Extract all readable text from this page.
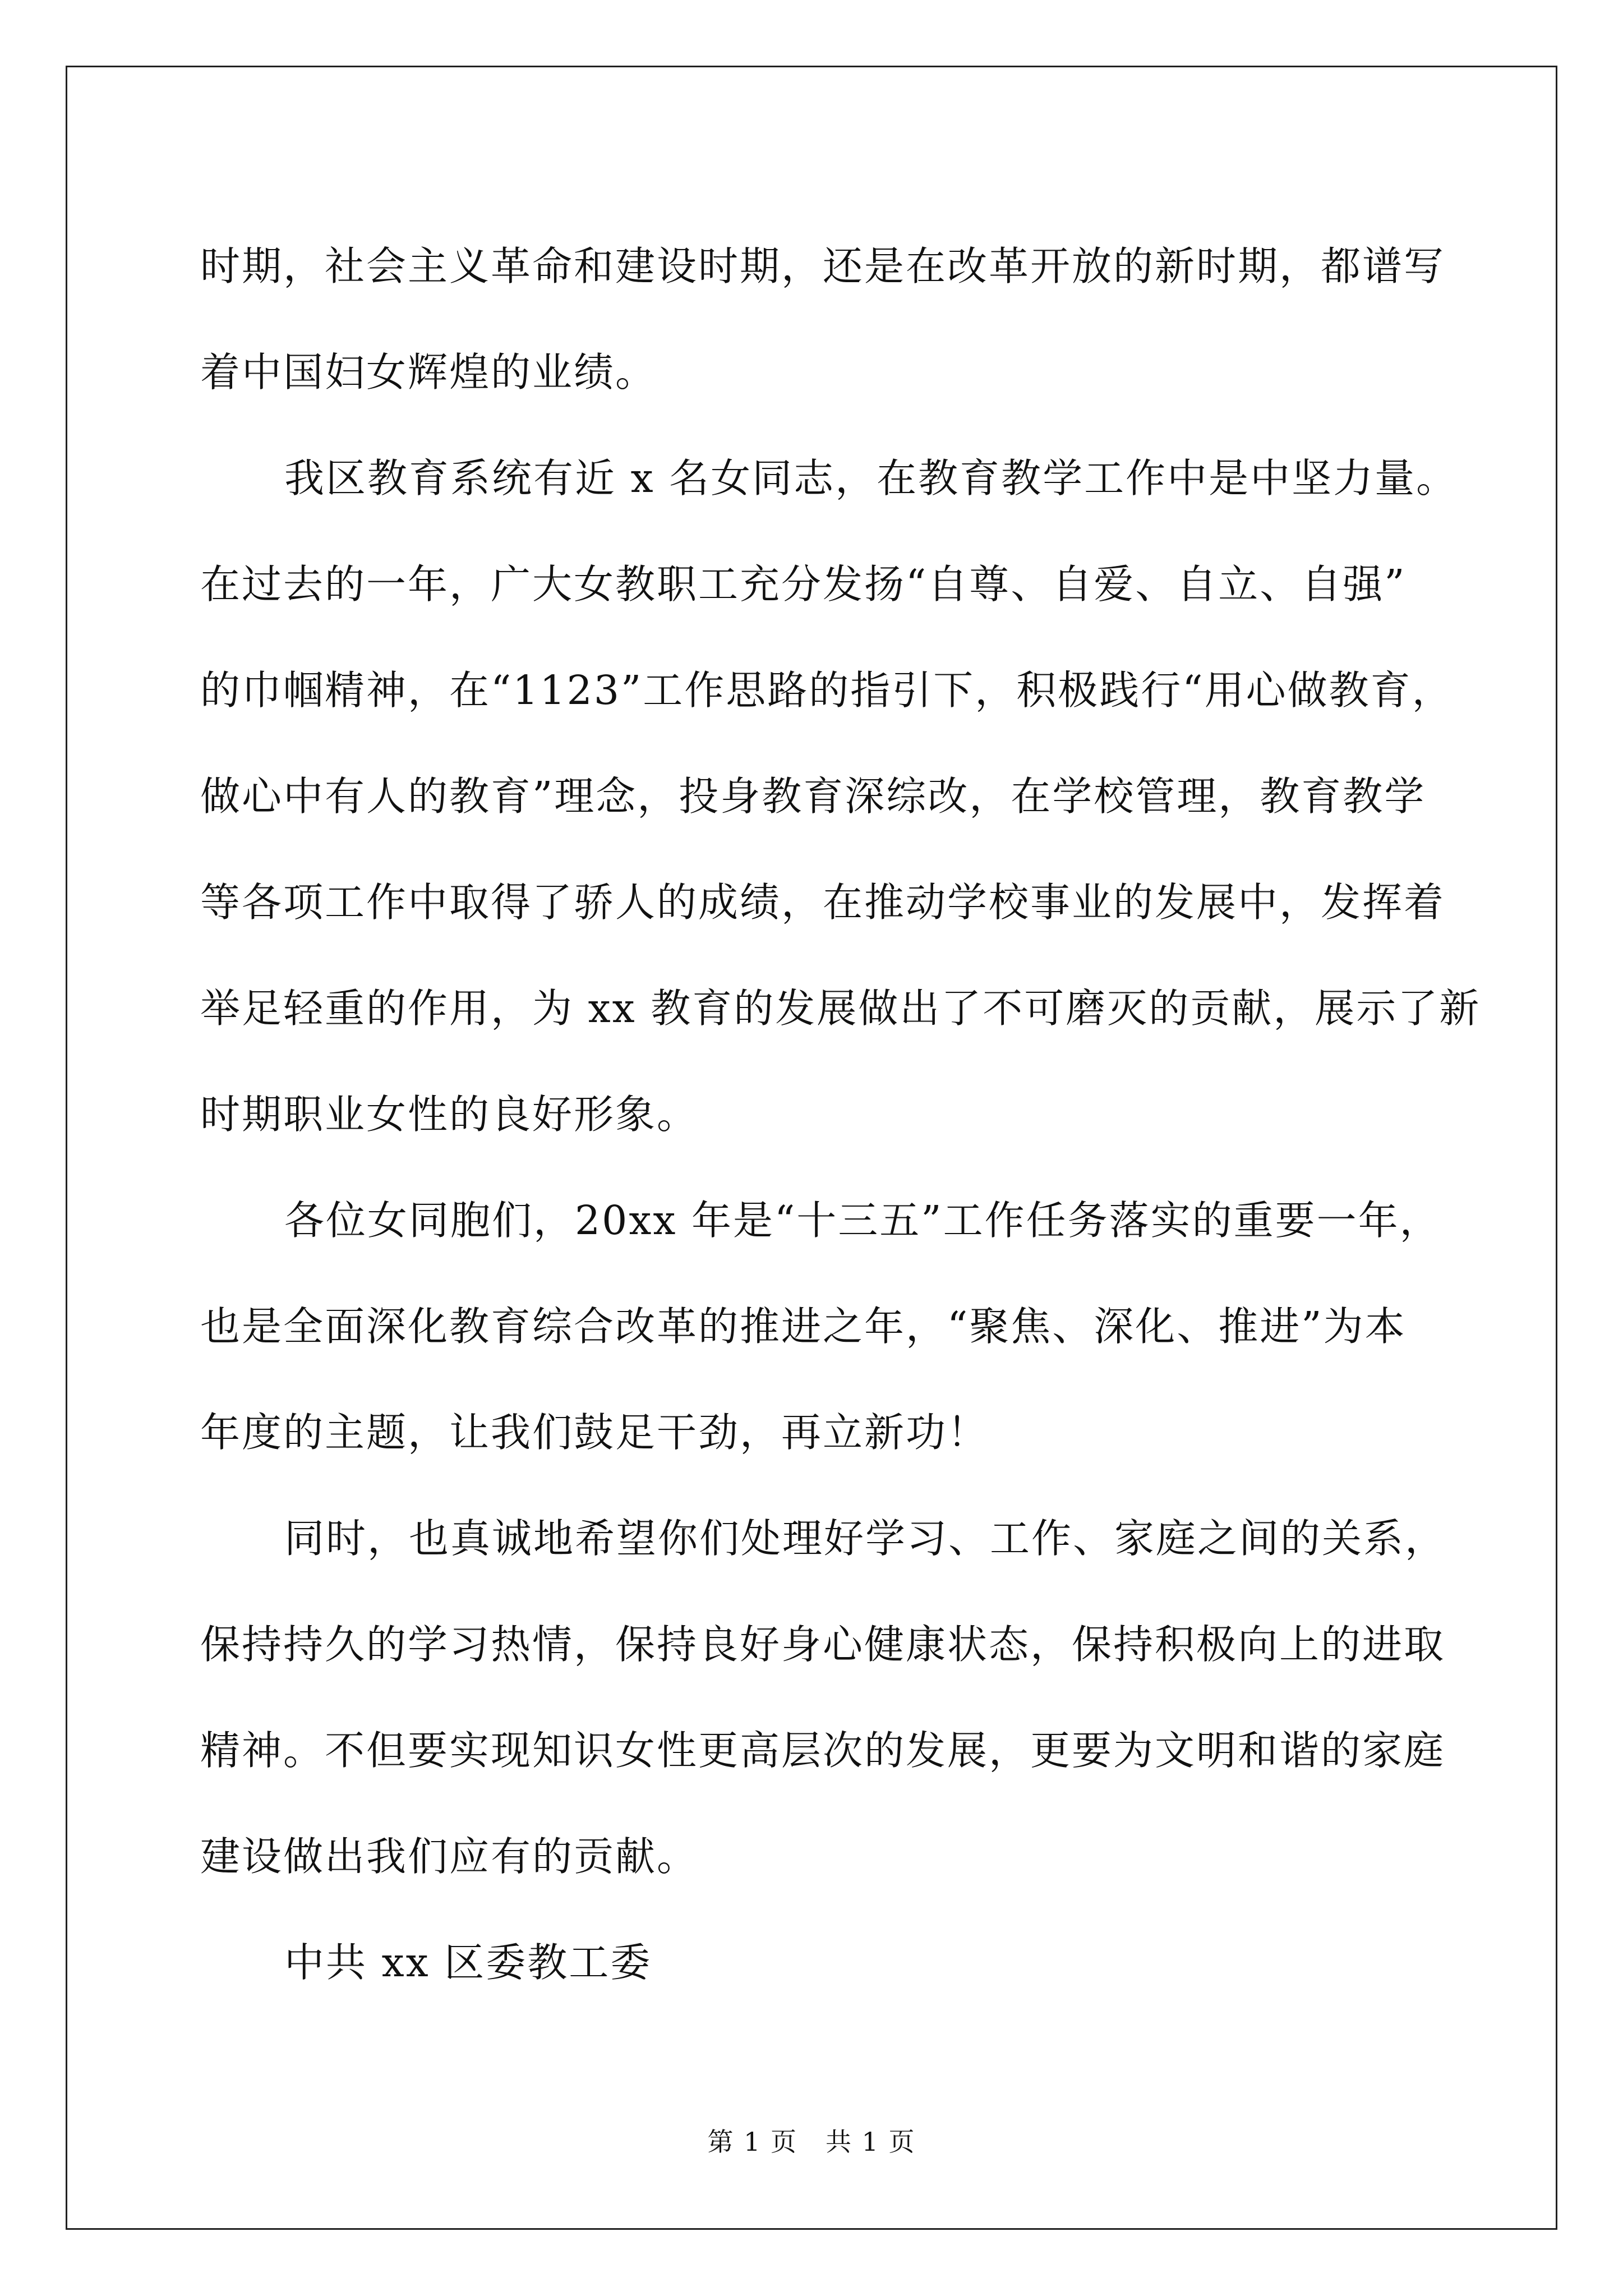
时期，社会主义革命和建设时期，还是在改革开放的新时期，都谱写
着中国妇女辉煌的业绩。

我区教育系统有近 x 名女同志，在教育教学工作中是中坚力量。
在过去的一年，广大女教职工充分发扬“自尊、自爱、自立、自强”
的巾帼精神，在“1123”工作思路的指引下，积极践行“用心做教育，
做心中有人的教育”理念，投身教育深综改，在学校管理，教育教学
等各项工作中取得了骄人的成绩，在推动学校事业的发展中，发挥着
举足轻重的作用，为 xx 教育的发展做出了不可磨灭的贡献，展示了新
时期职业女性的良好形象。

各位女同胞们，20xx 年是“十三五”工作任务落实的重要一年，
也是全面深化教育综合改革的推进之年，“聚焦、深化、推进”为本
年度的主题，让我们鼓足干劲，再立新功！

同时，也真诚地希望你们处理好学习、工作、家庭之间的关系，
保持持久的学习热情，保持良好身心健康状态，保持积极向上的进取
精神。不但要实现知识女性更高层次的发展，更要为文明和谐的家庭
建设做出我们应有的贡献。

中共 xx 区委教工委

第 1 页 共 1 页
